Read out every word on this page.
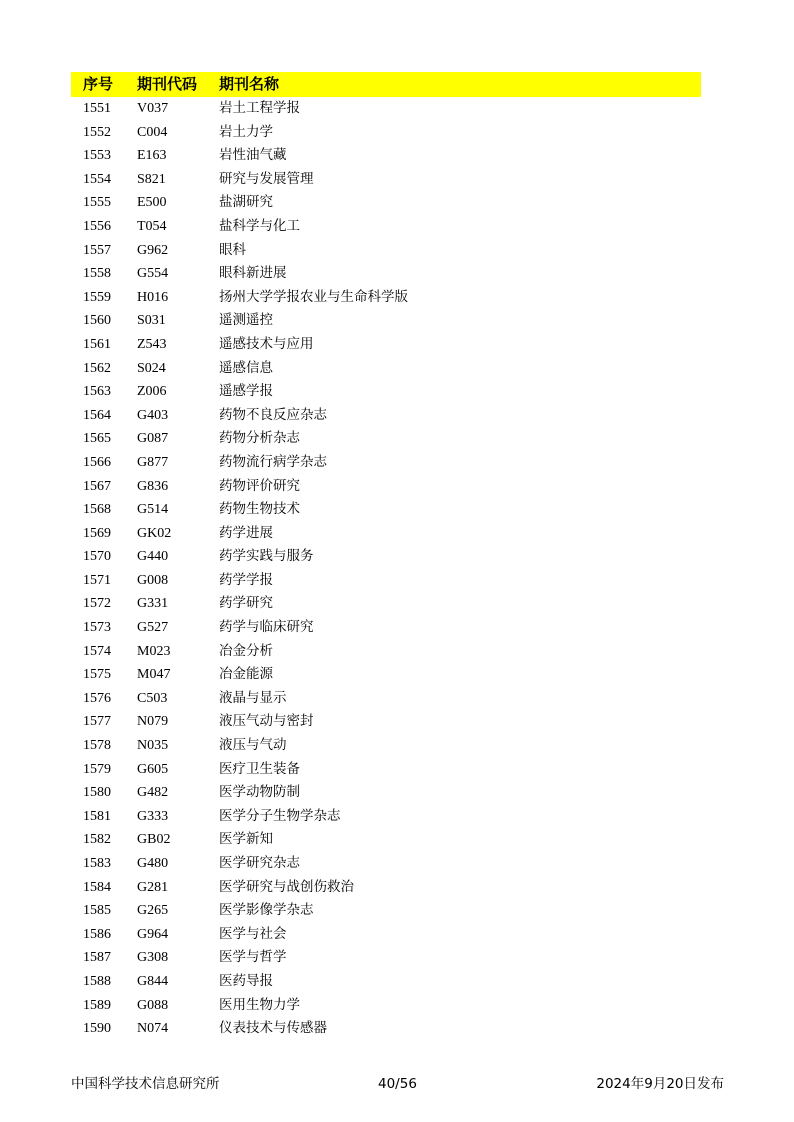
序号 期刊代码 期刊名称
1551 V037	岩土工程学报
1552 C004	岩土力学
1553 E163	岩性油气藏
1554 S821	研究与发展管理
1555 E500	盐湖研究
1556 T054	盐科学与化工
1557 G962	眼科
1558 G554	眼科新进展
1559 H016	扬州大学学报农业与生命科学版
1560 S031	遥测遥控
1561 Z543	遥感技术与应用
1562 S024	遥感信息
1563 Z006	遥感学报
1564 G403	药物不良反应杂志
1565 G087	药物分析杂志
1566 G877	药物流行病学杂志
1567 G836	药物评价研究
1568 G514	药物生物技术
1569 GK02	药学进展
1570 G440	药学实践与服务
1571 G008	药学学报
1572 G331	药学研究
1573 G527	药学与临床研究
1574 M023	冶金分析
1575 M047	冶金能源
1576 C503	液晶与显示
1577 N079	液压气动与密封
1578 N035	液压与气动
1579 G605	医疗卫生装备
1580 G482	医学动物防制
1581 G333	医学分子生物学杂志
1582 GB02	医学新知
1583 G480	医学研究杂志
1584 G281	医学研究与战创伤救治
1585 G265	医学影像学杂志
1586 G964	医学与社会
1587 G308	医学与哲学
1588 G844	医药导报
1589 G088	医用生物力学
1590 N074	仪表技术与传感器
中国科学技术信息研究所	40/56	2024年9月20日发布
